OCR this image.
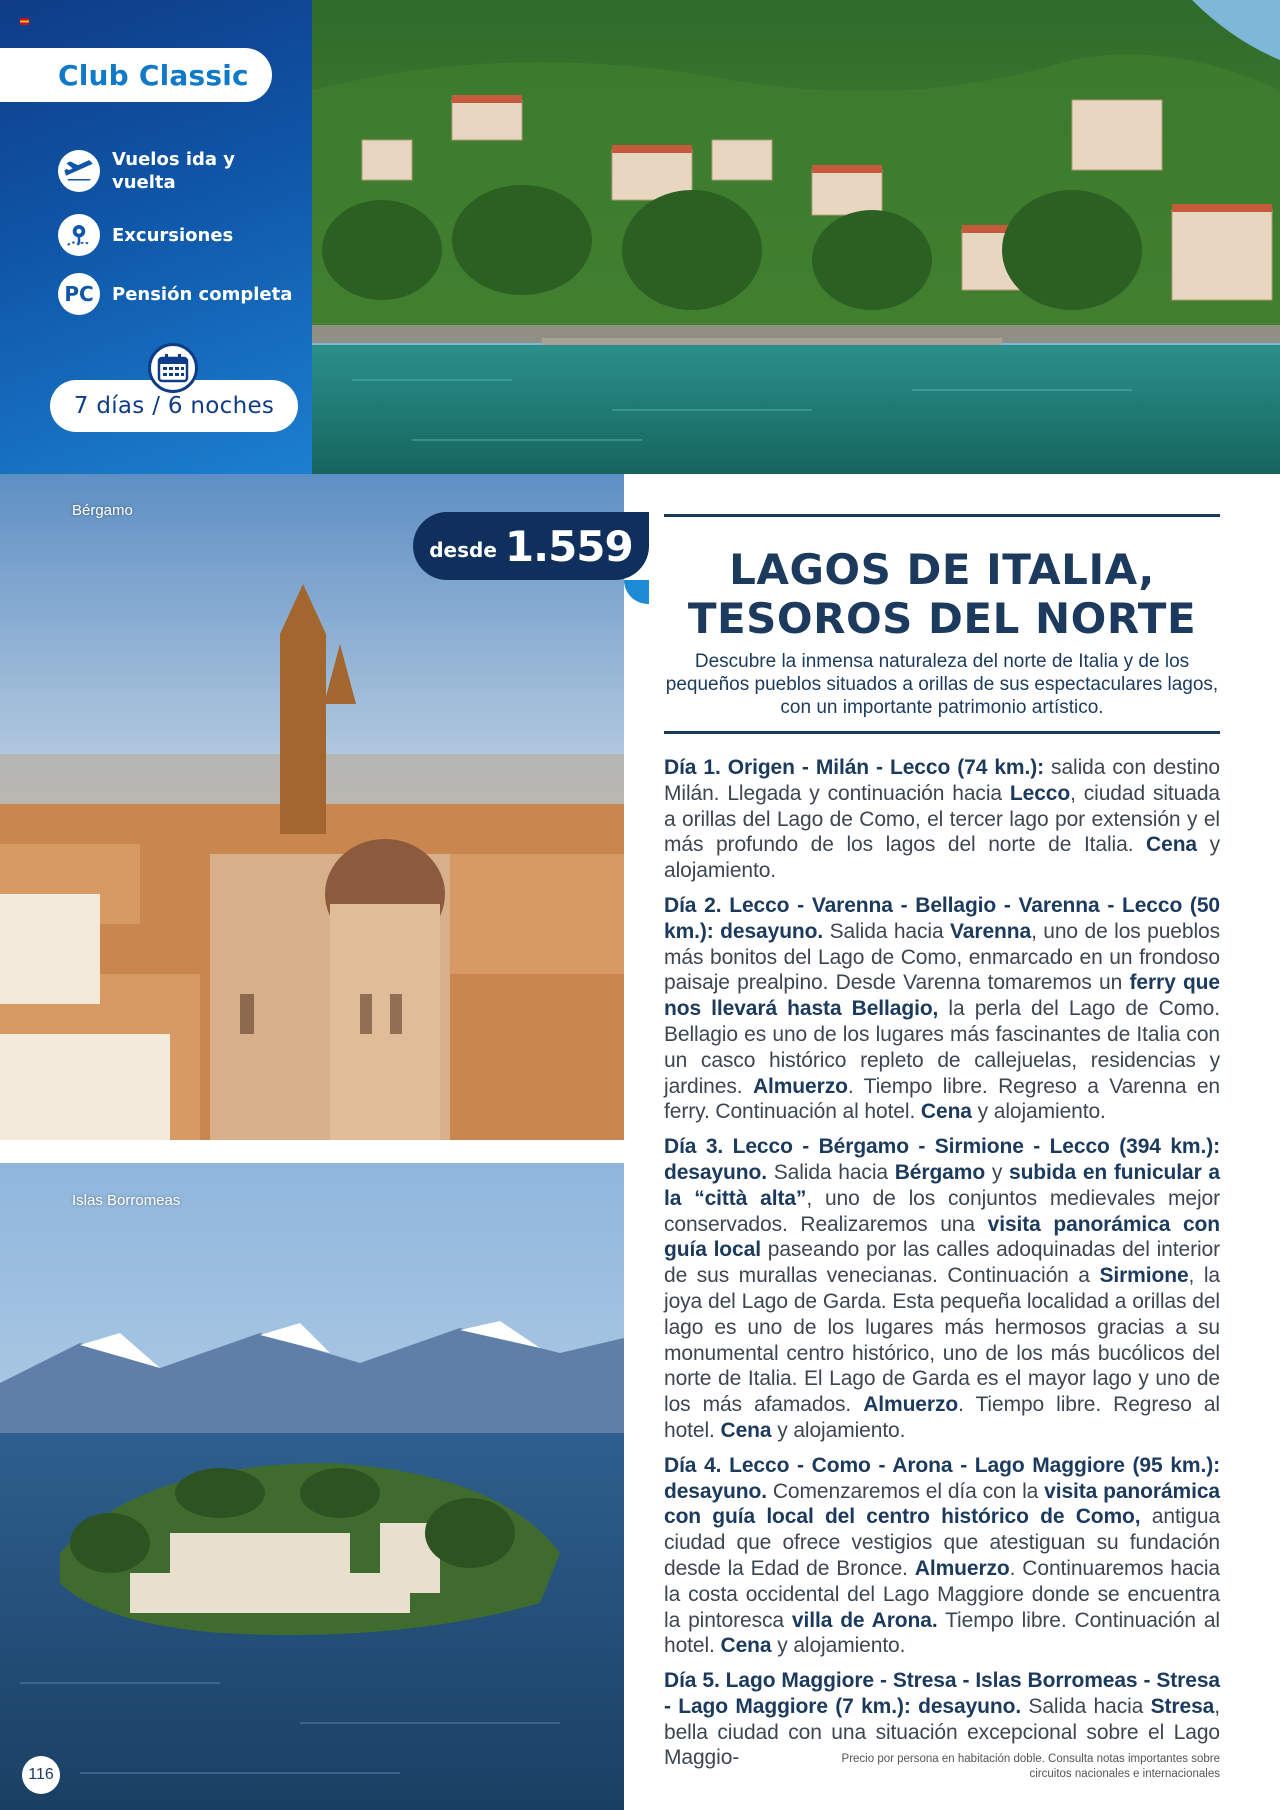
Club Classic
Vuelos ida y vuelta
Excursiones
PC Pensión completa
7 días / 6 noches
Bérgamo
Islas Borromeas
desde 1.559	LAGOS DE ITALIA,
TESOROS DEL NORTE

Descubre la inmensa naturaleza del norte de Italia y de los pequeños pueblos situados a orillas de sus espectaculares lagos, con un importante patrimonio artístico.

Día 1. Origen - Milán - Lecco (74 km.): salida con destino Milán. Llegada y continuación hacia Lecco, ciudad situada a orillas del Lago de Como, el tercer lago por extensión y el más profundo de los lagos del norte de Italia. Cena y alojamiento.

Día 2. Lecco - Varenna - Bellagio - Varenna - Lecco (50 km.): desayuno. Salida hacia Varenna, uno de los pueblos más bonitos del Lago de Como, enmarcado en un frondoso paisaje prealpino. Desde Varenna tomaremos un ferry que nos llevará hasta Bellagio, la perla del Lago de Como. Bellagio es uno de los lugares más fascinantes de Italia con un casco histórico repleto de callejuelas, residencias y jardines. Almuerzo. Tiempo libre. Regreso a Varenna en ferry. Continuación al hotel. Cena y alojamiento.

Día 3. Lecco - Bérgamo - Sirmione - Lecco (394 km.): desayuno. Salida hacia Bérgamo y subida en funicular a la “città alta”, uno de los conjuntos medievales mejor conservados. Realizaremos una visita panorámica con guía local paseando por las calles adoquinadas del interior de sus murallas venecianas. Continuación a Sirmione, la joya del Lago de Garda. Esta pequeña localidad a orillas del lago es uno de los lugares más hermosos gracias a su monumental centro histórico, uno de los más bucólicos del norte de Italia. El Lago de Garda es el mayor lago y uno de los más afamados. Almuerzo. Tiempo libre. Regreso al hotel. Cena y alojamiento.

Día 4. Lecco - Como - Arona - Lago Maggiore (95 km.): desayuno. Comenzaremos el día con la visita panorámica con guía local del centro histórico de Como, antigua ciudad que ofrece vestigios que atestiguan su fundación desde la Edad de Bronce. Almuerzo. Continuaremos hacia la costa occidental del Lago Maggiore donde se encuentra la pintoresca villa de Arona. Tiempo libre. Continuación al hotel. Cena y alojamiento.

Día 5. Lago Maggiore - Stresa - Islas Borromeas - Stresa - Lago Maggiore (7 km.): desayuno. Salida hacia Stresa, bella ciudad con una situación excepcional sobre el Lago Maggio-	Precio por persona en habitación doble. Consulta notas importantes sobre
circuitos nacionales e internacionales
116
